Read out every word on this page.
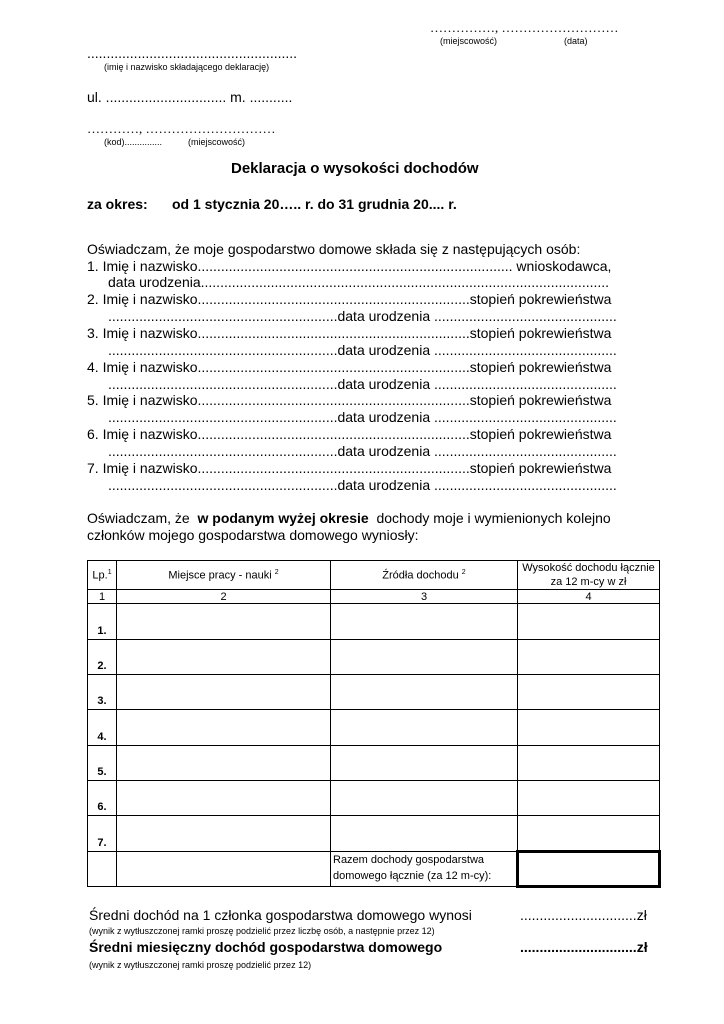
……………, ………………………
(miejscowość)	(data)
......................................................
(imię i nazwisko składającego deklarację)
ul. ............................... m. ...........
…………, …………………………
(kod)...............	(miejscowość)
Deklaracja o wysokości dochodów
za okres: od 1 stycznia 20….. r. do 31 grudnia 20.... r.
Oświadczam, że moje gospodarstwo domowe składa się z następujących osób:
1. Imię i nazwisko................................................................................. wnioskodawca,
data urodzenia.........................................................................................................
2. Imię i nazwisko......................................................................stopień pokrewieństwa
...........................................................data urodzenia ...............................................
3. Imię i nazwisko......................................................................stopień pokrewieństwa
...........................................................data urodzenia ...............................................
4. Imię i nazwisko......................................................................stopień pokrewieństwa
...........................................................data urodzenia ...............................................
5. Imię i nazwisko......................................................................stopień pokrewieństwa
...........................................................data urodzenia ...............................................
6. Imię i nazwisko......................................................................stopień pokrewieństwa
...........................................................data urodzenia ...............................................
7. Imię i nazwisko......................................................................stopień pokrewieństwa
...........................................................data urodzenia ...............................................
Oświadczam, że w podanym wyżej okresie dochody moje i wymienionych kolejno
członków mojego gospodarstwa domowego wyniosły:
Lp.$^1$	Miejsce pracy - nauki $^2$	Źródła dochodu $^2$	Wysokość dochodu łącznie za 12 m-cy w zł
1	2	3	4
1.			
2.			
3.			
4.			
5.			
6.			
7.			
		Razem dochody gospodarstwa domowego łącznie (za 12 m-cy):	
Średni dochód na 1 członka gospodarstwa domowego wynosi	..............................zł
(wynik z wytłuszczonej ramki proszę podzielić przez liczbę osób, a następnie przez 12)
Średni miesięczny dochód gospodarstwa domowego	..............................zł
(wynik z wytłuszczonej ramki proszę podzielić przez 12)
